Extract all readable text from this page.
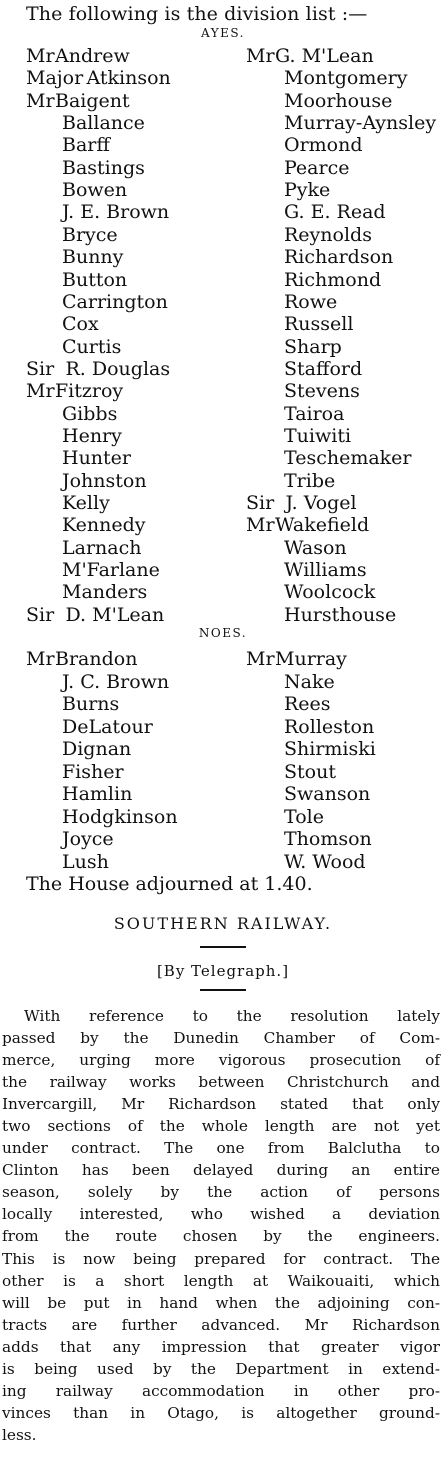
The following is the division list :—
AYES.
Mr Andrew
Major Atkinson
Mr Baigent
Ballance
Barff
Bastings
Bowen
J. E. Brown
Bryce
Bunny
Button
Carrington
Cox
Curtis
Sir R. Douglas
Mr Fitzroy
Gibbs
Henry
Hunter
Johnston
Kelly
Kennedy
Larnach
M'Farlane
Manders
Sir D. M'Lean
Mr G. M'Lean
Montgomery
Moorhouse
Murray-Aynsley
Ormond
Pearce
Pyke
G. E. Read
Reynolds
Richardson
Richmond
Rowe
Russell
Sharp
Stafford
Stevens
Tairoa
Tuiwiti
Teschemaker
Tribe
Sir J. Vogel
Mr Wakefield
Wason
Williams
Woolcock
Hursthouse
NOES.
Mr Brandon
J. C. Brown
Burns
DeLatour
Dignan
Fisher
Hamlin
Hodgkinson
Joyce
Lush
Mr Murray
Nake
Rees
Rolleston
Shirmiski
Stout
Swanson
Tole
Thomson
W. Wood
The House adjourned at 1.40.
SOUTHERN RAILWAY.
[By Telegraph.]
With reference to the resolution lately
passed by the Dunedin Chamber of Com-
merce, urging more vigorous prosecution of
the railway works between Christchurch and
Invercargill, Mr Richardson stated that only
two sections of the whole length are not yet
under contract. The one from Balclutha to
Clinton has been delayed during an entire
season, solely by the action of persons
locally interested, who wished a deviation
from the route chosen by the engineers.
This is now being prepared for contract. The
other is a short length at Waikouaiti, which
will be put in hand when the adjoining con-
tracts are further advanced. Mr Richardson
adds that any impression that greater vigor
is being used by the Department in extend-
ing railway accommodation in other pro-
vinces than in Otago, is altogether ground-
less.
